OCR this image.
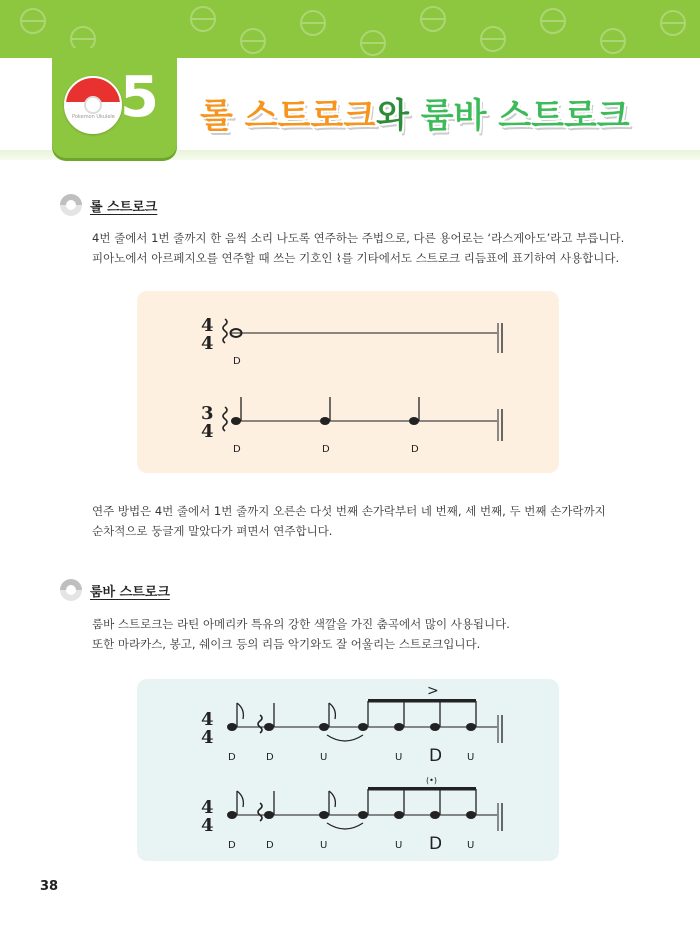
Pokemon Ukulele 5 롤 스트로크와 룸바 스트로크
롤 스트로크
4번 줄에서 1번 줄까지 한 음씩 소리 나도록 연주하는 주법으로, 다른 용어로는 ‘라스게아도’라고 부릅니다.
피아노에서 아르페지오를 연주할 때 쓰는 기호인 ⌇를 기타에서도 스트로크 리듬표에 표기하여 사용합니다.
4
4
D
3
4
D	D	D
연주 방법은 4번 줄에서 1번 줄까지 오른손 다섯 번째 손가락부터 네 번째, 세 번째, 두 번째 손가락까지
순차적으로 둥글게 말았다가 펴면서 연주합니다.
룸바 스트로크
룸바 스트로크는 라틴 아메리카 특유의 강한 색깔을 가진 춤곡에서 많이 사용됩니다.
또한 마라카스, 봉고, 쉐이크 등의 리듬 악기와도 잘 어울리는 스트로크입니다.
4
4
>
D	D	U	U D U
4
4
(•)
D	D	U	U D U
38
